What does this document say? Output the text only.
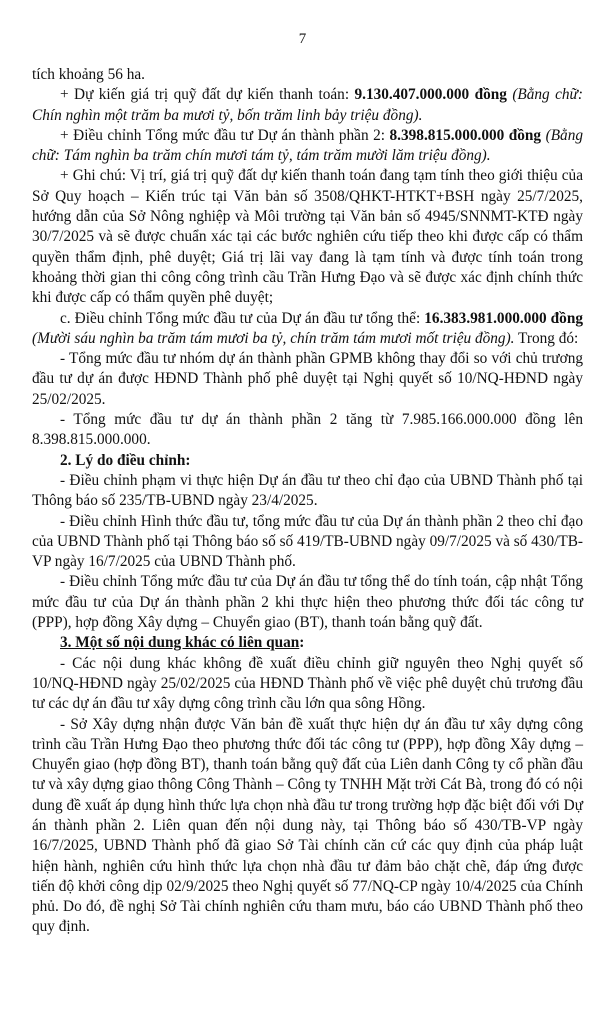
7

tích khoảng 56 ha.

+ Dự kiến giá trị quỹ đất dự kiến thanh toán: 9.130.407.000.000 đồng (Bằng chữ: Chín nghìn một trăm ba mươi tỷ, bốn trăm linh bảy triệu đồng).

+ Điều chỉnh Tổng mức đầu tư Dự án thành phần 2: 8.398.815.000.000 đồng (Bằng chữ: Tám nghìn ba trăm chín mươi tám tỷ, tám trăm mười lăm triệu đồng).

+ Ghi chú: Vị trí, giá trị quỹ đất dự kiến thanh toán đang tạm tính theo giới thiệu của Sở Quy hoạch – Kiến trúc tại Văn bản số 3508/QHKT-HTKT+BSH ngày 25/7/2025, hướng dẫn của Sở Nông nghiệp và Môi trường tại Văn bản số 4945/SNNMT-KTĐ ngày 30/7/2025 và sẽ được chuẩn xác tại các bước nghiên cứu tiếp theo khi được cấp có thẩm quyền thẩm định, phê duyệt; Giá trị lãi vay đang là tạm tính và được tính toán trong khoảng thời gian thi công công trình cầu Trần Hưng Đạo và sẽ được xác định chính thức khi được cấp có thẩm quyền phê duyệt;

c. Điều chỉnh Tổng mức đầu tư của Dự án đầu tư tổng thể: 16.383.981.000.000 đồng (Mười sáu nghìn ba trăm tám mươi ba tỷ, chín trăm tám mươi mốt triệu đồng). Trong đó:

- Tổng mức đầu tư nhóm dự án thành phần GPMB không thay đổi so với chủ trương đầu tư dự án được HĐND Thành phố phê duyệt tại Nghị quyết số 10/NQ-HĐND ngày 25/02/2025.

- Tổng mức đầu tư dự án thành phần 2 tăng từ 7.985.166.000.000 đồng lên 8.398.815.000.000.

2. Lý do điều chỉnh:

- Điều chỉnh phạm vi thực hiện Dự án đầu tư theo chỉ đạo của UBND Thành phố tại Thông báo số 235/TB-UBND ngày 23/4/2025.

- Điều chỉnh Hình thức đầu tư, tổng mức đầu tư của Dự án thành phần 2 theo chỉ đạo của UBND Thành phố tại Thông báo số số 419/TB-UBND ngày 09/7/2025 và số 430/TB-VP ngày 16/7/2025 của UBND Thành phố.

- Điều chỉnh Tổng mức đầu tư của Dự án đầu tư tổng thể do tính toán, cập nhật Tổng mức đầu tư của Dự án thành phần 2 khi thực hiện theo phương thức đối tác công tư (PPP), hợp đồng Xây dựng – Chuyển giao (BT), thanh toán bằng quỹ đất.

3. Một số nội dung khác có liên quan:

- Các nội dung khác không đề xuất điều chỉnh giữ nguyên theo Nghị quyết số 10/NQ-HĐND ngày 25/02/2025 của HĐND Thành phố về việc phê duyệt chủ trương đầu tư các dự án đầu tư xây dựng công trình cầu lớn qua sông Hồng.

- Sở Xây dựng nhận được Văn bản đề xuất thực hiện dự án đầu tư xây dựng công trình cầu Trần Hưng Đạo theo phương thức đối tác công tư (PPP), hợp đồng Xây dựng – Chuyển giao (hợp đồng BT), thanh toán bằng quỹ đất của Liên danh Công ty cổ phần đầu tư và xây dựng giao thông Công Thành – Công ty TNHH Mặt trời Cát Bà, trong đó có nội dung đề xuất áp dụng hình thức lựa chọn nhà đầu tư trong trường hợp đặc biệt đối với Dự án thành phần 2. Liên quan đến nội dung này, tại Thông báo số 430/TB-VP ngày 16/7/2025, UBND Thành phố đã giao Sở Tài chính căn cứ các quy định của pháp luật hiện hành, nghiên cứu hình thức lựa chọn nhà đầu tư đảm bảo chặt chẽ, đáp ứng được tiến độ khởi công dịp 02/9/2025 theo Nghị quyết số 77/NQ-CP ngày 10/4/2025 của Chính phủ. Do đó, đề nghị Sở Tài chính nghiên cứu tham mưu, báo cáo UBND Thành phố theo quy định.
